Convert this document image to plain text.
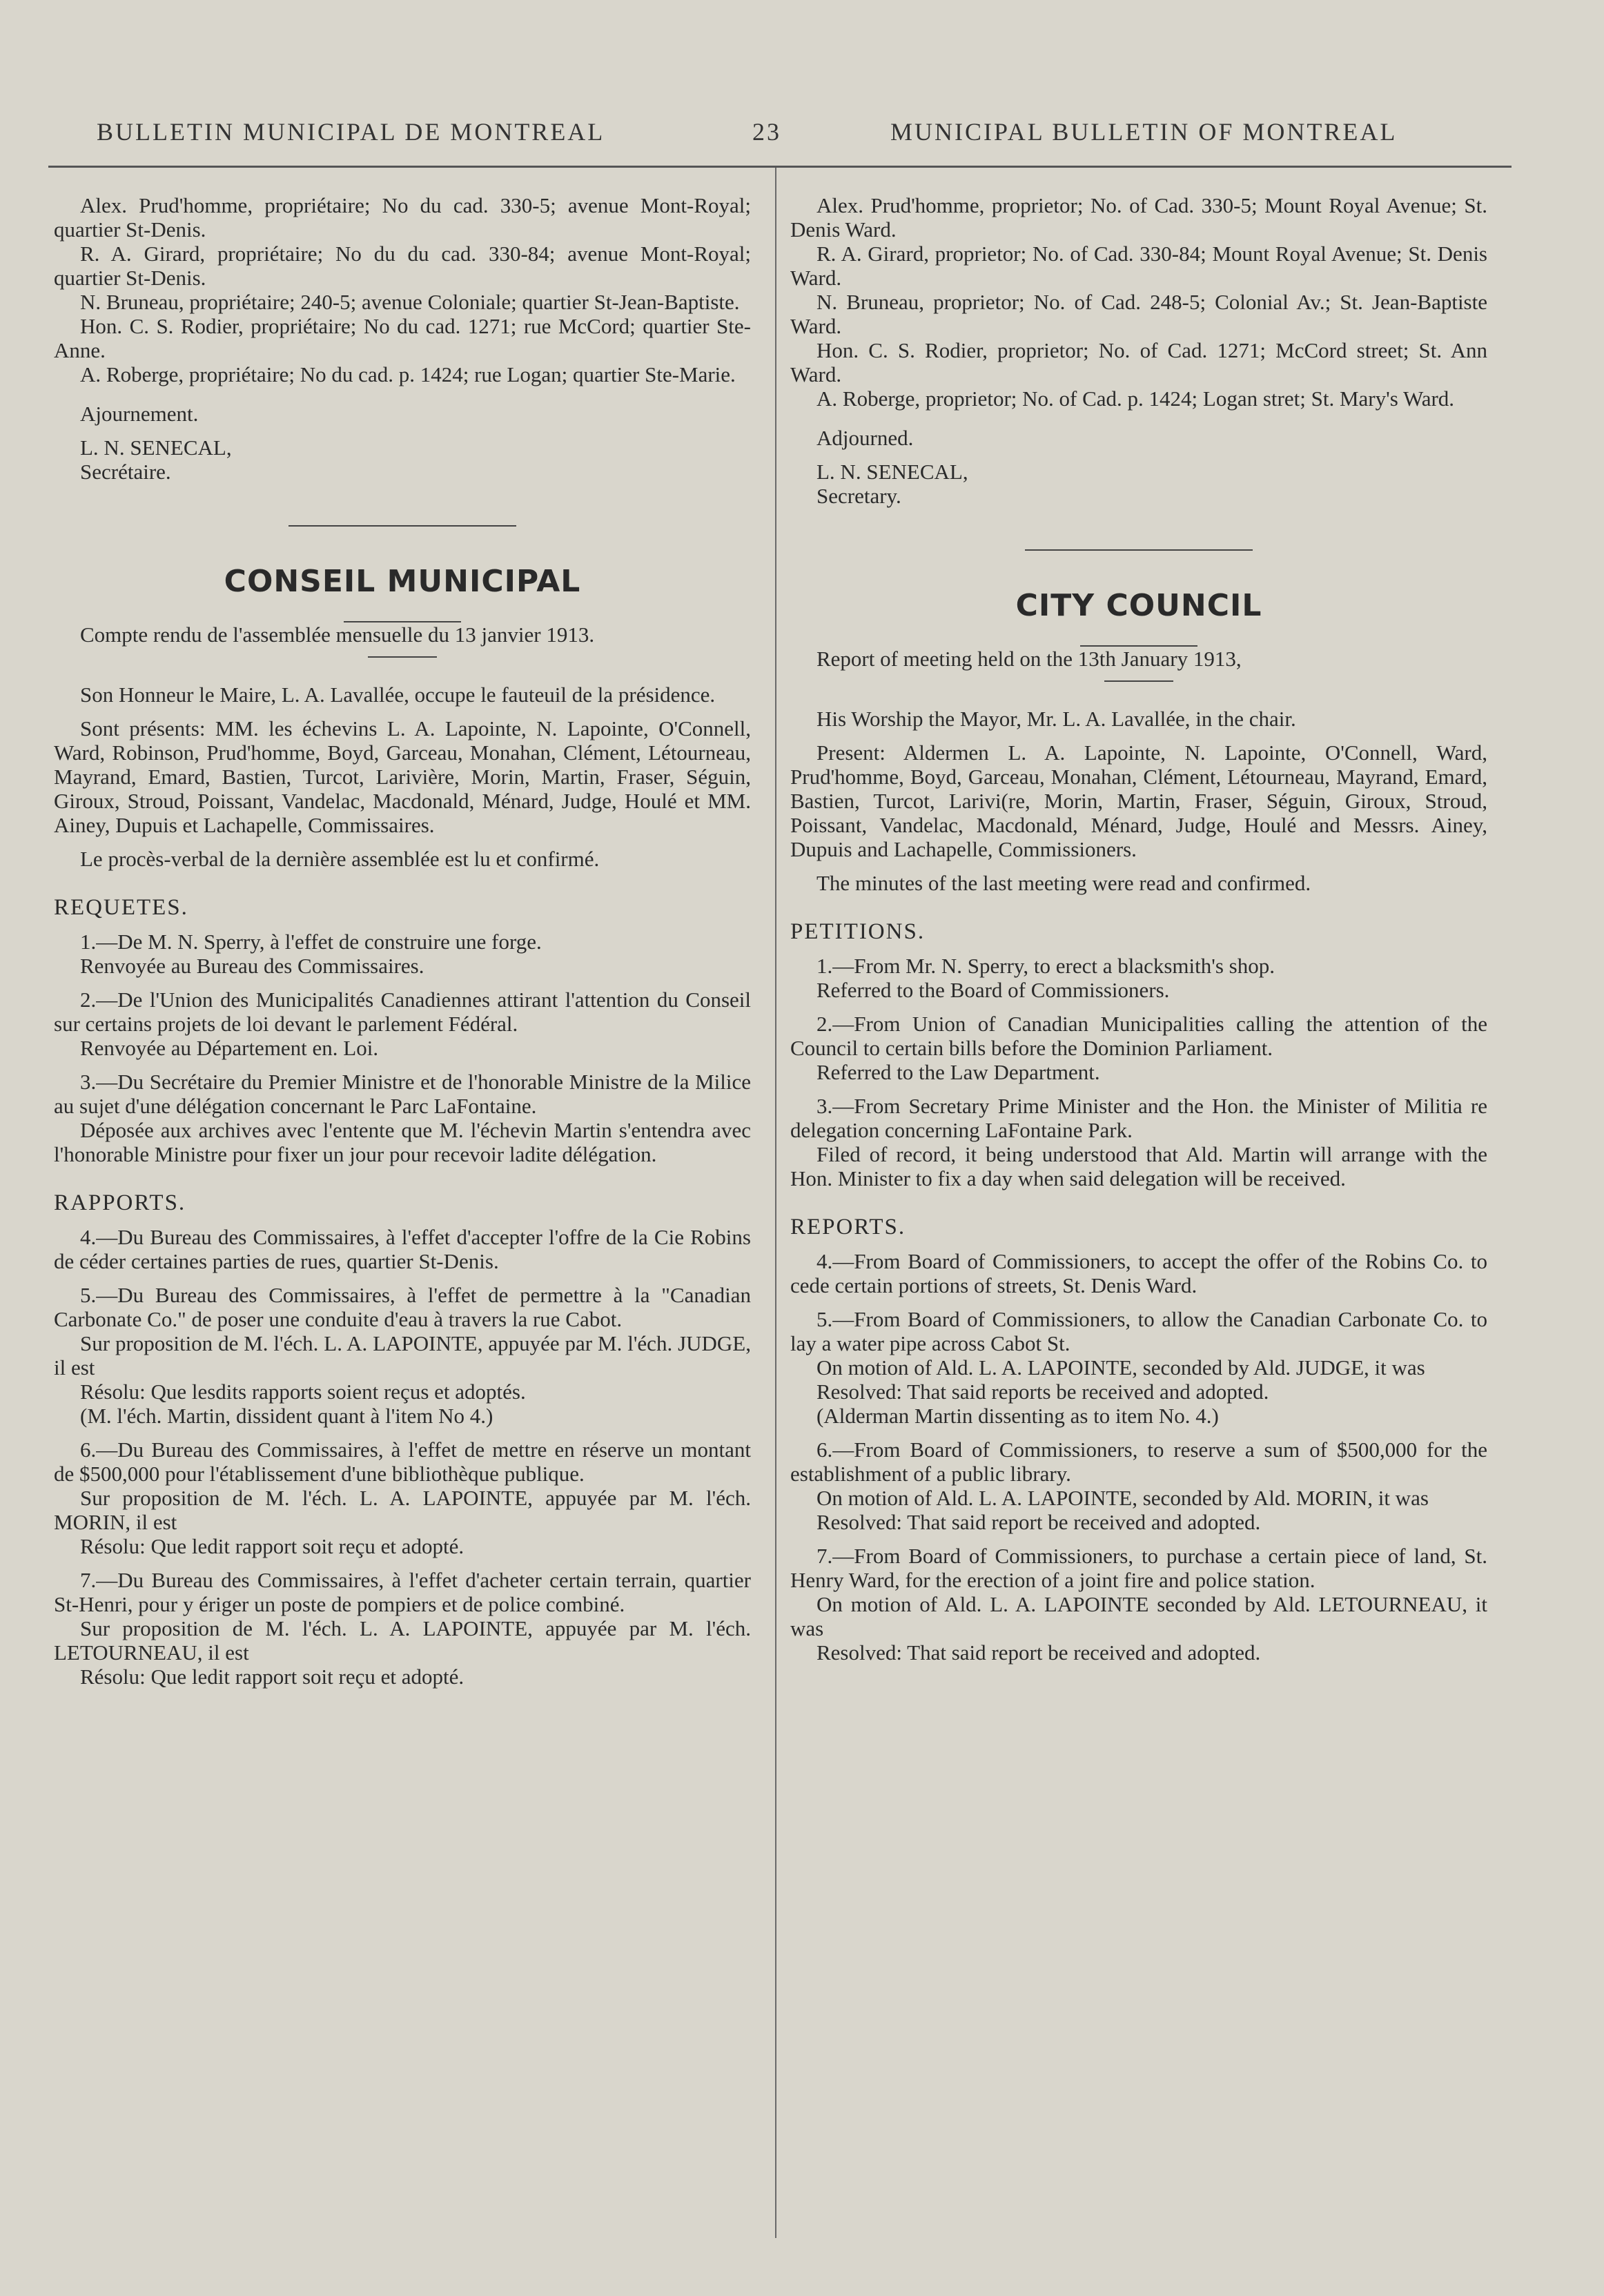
BULLETIN MUNICIPAL DE MONTREAL	23	MUNICIPAL BULLETIN OF MONTREAL

Alex. Prud'homme, propriétaire; No du cad. 330-5; avenue Mont-Royal; quartier St-Denis.

R. A. Girard, propriétaire; No du du cad. 330-84; avenue Mont-Royal; quartier St-Denis.

N. Bruneau, propriétaire; 240-5; avenue Coloniale; quartier St-Jean-Baptiste.

Hon. C. S. Rodier, propriétaire; No du cad. 1271; rue McCord; quartier Ste-Anne.

A. Roberge, propriétaire; No du cad. p. 1424; rue Logan; quartier Ste-Marie.

Ajournement.

L. N. SENECAL,
Secrétaire.

CONSEIL MUNICIPAL

Compte rendu de l'assemblée mensuelle du 13 janvier 1913.

Son Honneur le Maire, L. A. Lavallée, occupe le fauteuil de la présidence.

Sont présents: MM. les échevins L. A. Lapointe, N. Lapointe, O'Connell, Ward, Robinson, Prud'homme, Boyd, Garceau, Monahan, Clément, Létourneau, Mayrand, Emard, Bastien, Turcot, Larivière, Morin, Martin, Fraser, Séguin, Giroux, Stroud, Poissant, Vandelac, Macdonald, Ménard, Judge, Houlé et MM. Ainey, Dupuis et Lachapelle, Commissaires.

Le procès-verbal de la dernière assemblée est lu et confirmé.

REQUETES.

1.—De M. N. Sperry, à l'effet de construire une forge.

Renvoyée au Bureau des Commissaires.

2.—De l'Union des Municipalités Canadiennes attirant l'attention du Conseil sur certains projets de loi devant le parlement Fédéral.

Renvoyée au Département en. Loi.

3.—Du Secrétaire du Premier Ministre et de l'honorable Ministre de la Milice au sujet d'une délégation concernant le Parc LaFontaine.

Déposée aux archives avec l'entente que M. l'échevin Martin s'entendra avec l'honorable Ministre pour fixer un jour pour recevoir ladite délégation.

RAPPORTS.

4.—Du Bureau des Commissaires, à l'effet d'accepter l'offre de la Cie Robins de céder certaines parties de rues, quartier St-Denis.

5.—Du Bureau des Commissaires, à l'effet de permettre à la "Canadian Carbonate Co." de poser une conduite d'eau à travers la rue Cabot.

Sur proposition de M. l'éch. L. A. LAPOINTE, appuyée par M. l'éch. JUDGE, il est

Résolu: Que lesdits rapports soient reçus et adoptés.

(M. l'éch. Martin, dissident quant à l'item No 4.)

6.—Du Bureau des Commissaires, à l'effet de mettre en réserve un montant de $500,000 pour l'établissement d'une bibliothèque publique.

Sur proposition de M. l'éch. L. A. LAPOINTE, appuyée par M. l'éch. MORIN, il est

Résolu: Que ledit rapport soit reçu et adopté.

7.—Du Bureau des Commissaires, à l'effet d'acheter certain terrain, quartier St-Henri, pour y ériger un poste de pompiers et de police combiné.

Sur proposition de M. l'éch. L. A. LAPOINTE, appuyée par M. l'éch. LETOURNEAU, il est

Résolu: Que ledit rapport soit reçu et adopté.

Alex. Prud'homme, proprietor; No. of Cad. 330-5; Mount Royal Avenue; St. Denis Ward.

R. A. Girard, proprietor; No. of Cad. 330-84; Mount Royal Avenue; St. Denis Ward.

N. Bruneau, proprietor; No. of Cad. 248-5; Colonial Av.; St. Jean-Baptiste Ward.

Hon. C. S. Rodier, proprietor; No. of Cad. 1271; McCord street; St. Ann Ward.

A. Roberge, proprietor; No. of Cad. p. 1424; Logan stret; St. Mary's Ward.

Adjourned.

L. N. SENECAL,
Secretary.

CITY COUNCIL

Report of meeting held on the 13th January 1913,

His Worship the Mayor, Mr. L. A. Lavallée, in the chair.

Present: Aldermen L. A. Lapointe, N. Lapointe, O'Connell, Ward, Prud'homme, Boyd, Garceau, Monahan, Clément, Létourneau, Mayrand, Emard, Bastien, Turcot, Larivi(re, Morin, Martin, Fraser, Séguin, Giroux, Stroud, Poissant, Vandelac, Macdonald, Ménard, Judge, Houlé and Messrs. Ainey, Dupuis and Lachapelle, Commissioners.

The minutes of the last meeting were read and confirmed.

PETITIONS.

1.—From Mr. N. Sperry, to erect a blacksmith's shop.

Referred to the Board of Commissioners.

2.—From Union of Canadian Municipalities calling the attention of the Council to certain bills before the Dominion Parliament.

Referred to the Law Department.

3.—From Secretary Prime Minister and the Hon. the Minister of Militia re delegation concerning LaFontaine Park.

Filed of record, it being understood that Ald. Martin will arrange with the Hon. Minister to fix a day when said delegation will be received.

REPORTS.

4.—From Board of Commissioners, to accept the offer of the Robins Co. to cede certain portions of streets, St. Denis Ward.

5.—From Board of Commissioners, to allow the Canadian Carbonate Co. to lay a water pipe across Cabot St.

On motion of Ald. L. A. LAPOINTE, seconded by Ald. JUDGE, it was

Resolved: That said reports be received and adopted.

(Alderman Martin dissenting as to item No. 4.)

6.—From Board of Commissioners, to reserve a sum of $500,000 for the establishment of a public library.

On motion of Ald. L. A. LAPOINTE, seconded by Ald. MORIN, it was

Resolved: That said report be received and adopted.

7.—From Board of Commissioners, to purchase a certain piece of land, St. Henry Ward, for the erection of a joint fire and police station.

On motion of Ald. L. A. LAPOINTE seconded by Ald. LETOURNEAU, it was

Resolved: That said report be received and adopted.
